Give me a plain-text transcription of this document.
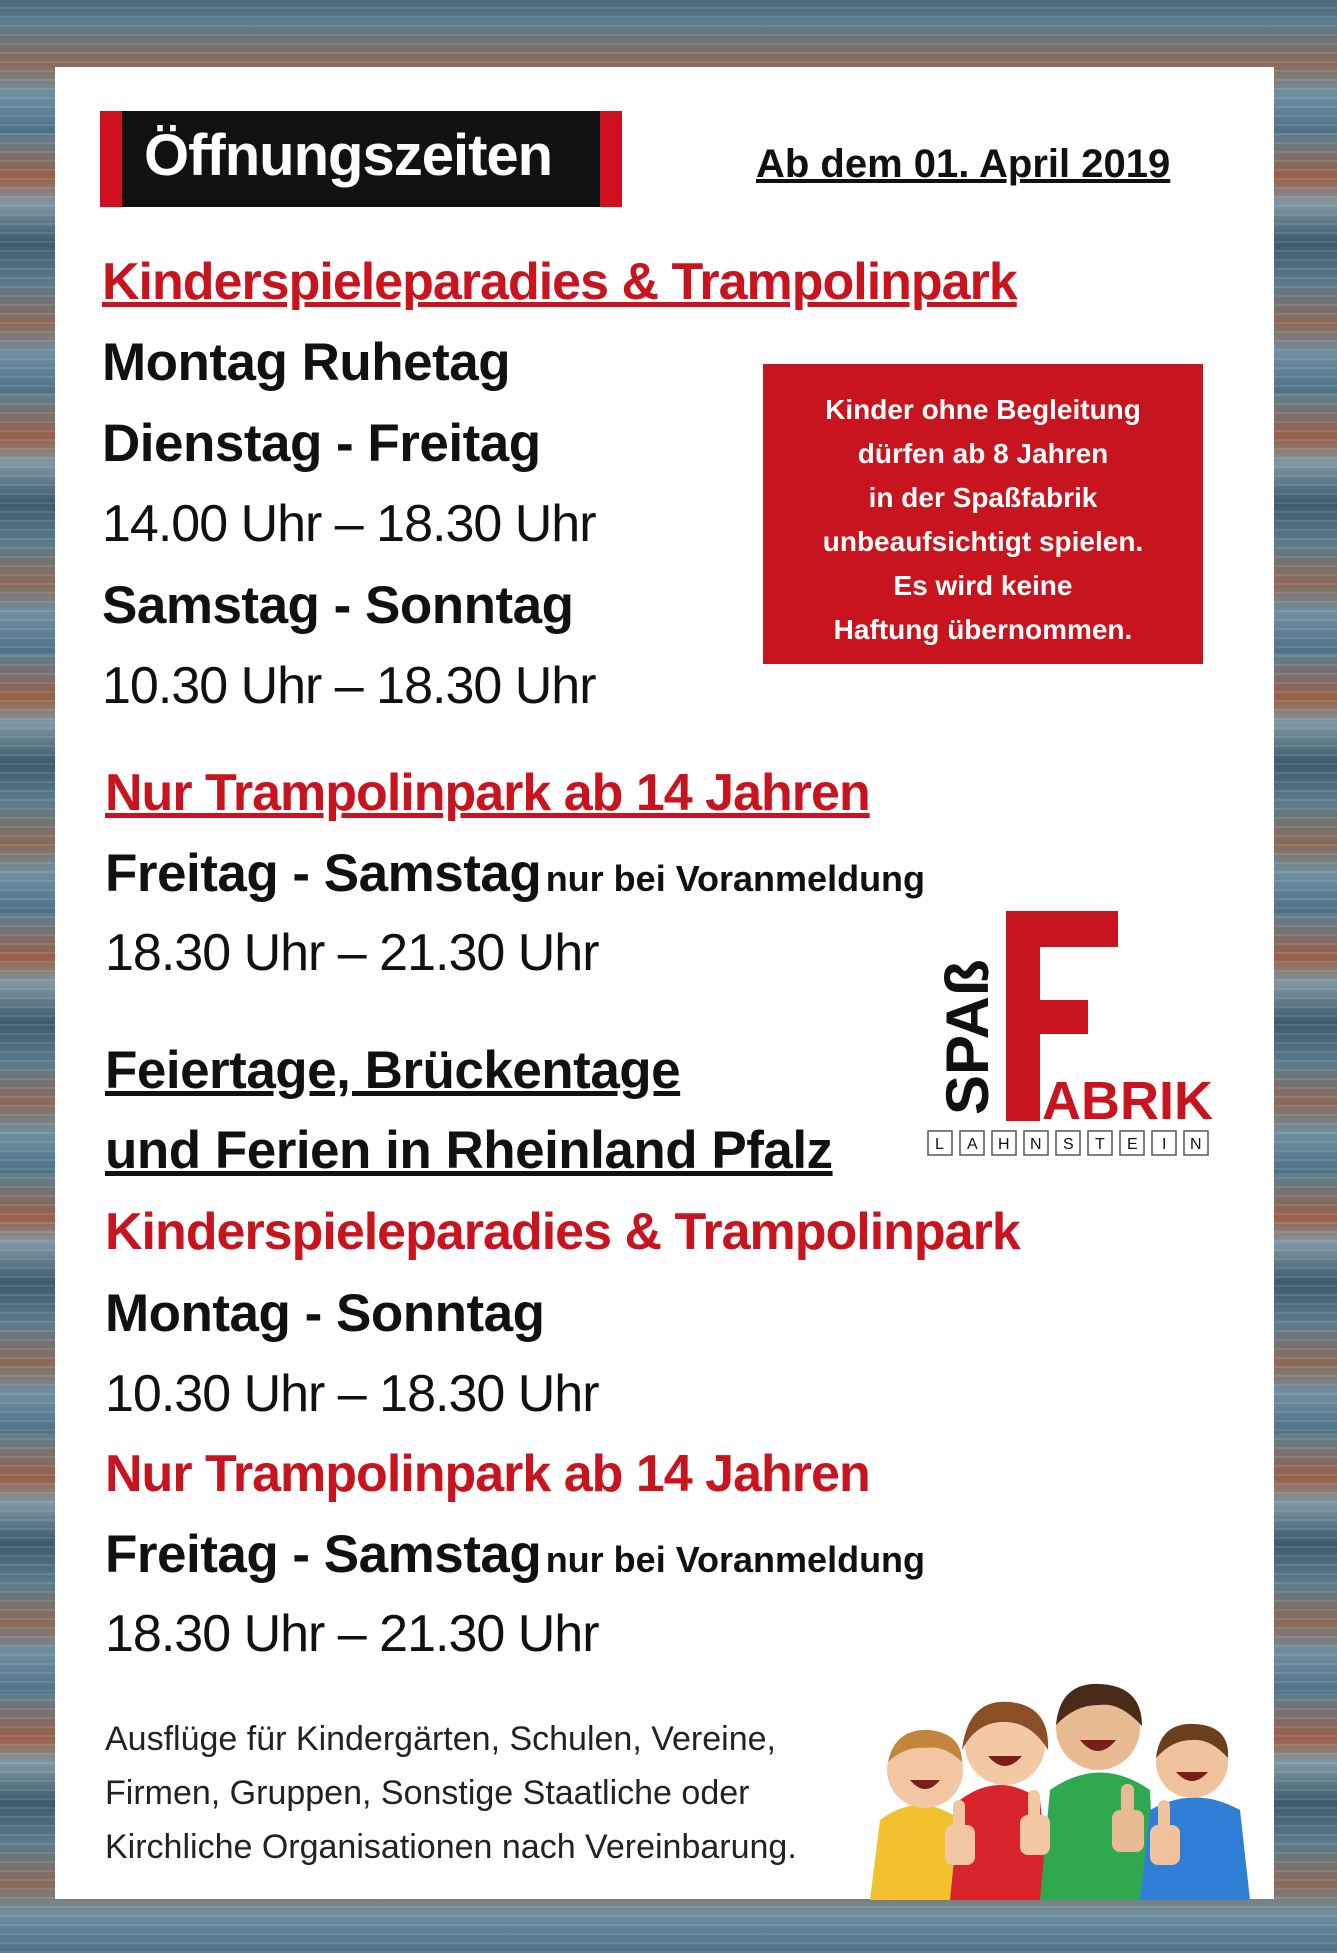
Öffnungszeiten	Ab dem 01. April 2019
Kinderspieleparadies & Trampolinpark
Montag Ruhetag
Dienstag - Freitag
14.00 Uhr – 18.30 Uhr
Samstag - Sonntag
10.30 Uhr – 18.30 Uhr
Kinder ohne Begleitung
dürfen ab 8 Jahren
in der Spaßfabrik
unbeaufsichtigt spielen.
Es wird keine
Haftung übernommen.
Nur Trampolinpark ab 14 Jahren
Freitag - Samstag nur bei Voranmeldung
18.30 Uhr – 21.30 Uhr
SPAß ABRIK
L A H N S T E I N
Feiertage, Brückentage
und Ferien in Rheinland Pfalz
Kinderspieleparadies & Trampolinpark
Montag - Sonntag
10.30 Uhr – 18.30 Uhr
Nur Trampolinpark ab 14 Jahren
Freitag - Samstag nur bei Voranmeldung
18.30 Uhr – 21.30 Uhr
Ausflüge für Kindergärten, Schulen, Vereine,
Firmen, Gruppen, Sonstige Staatliche oder
Kirchliche Organisationen nach Vereinbarung.
